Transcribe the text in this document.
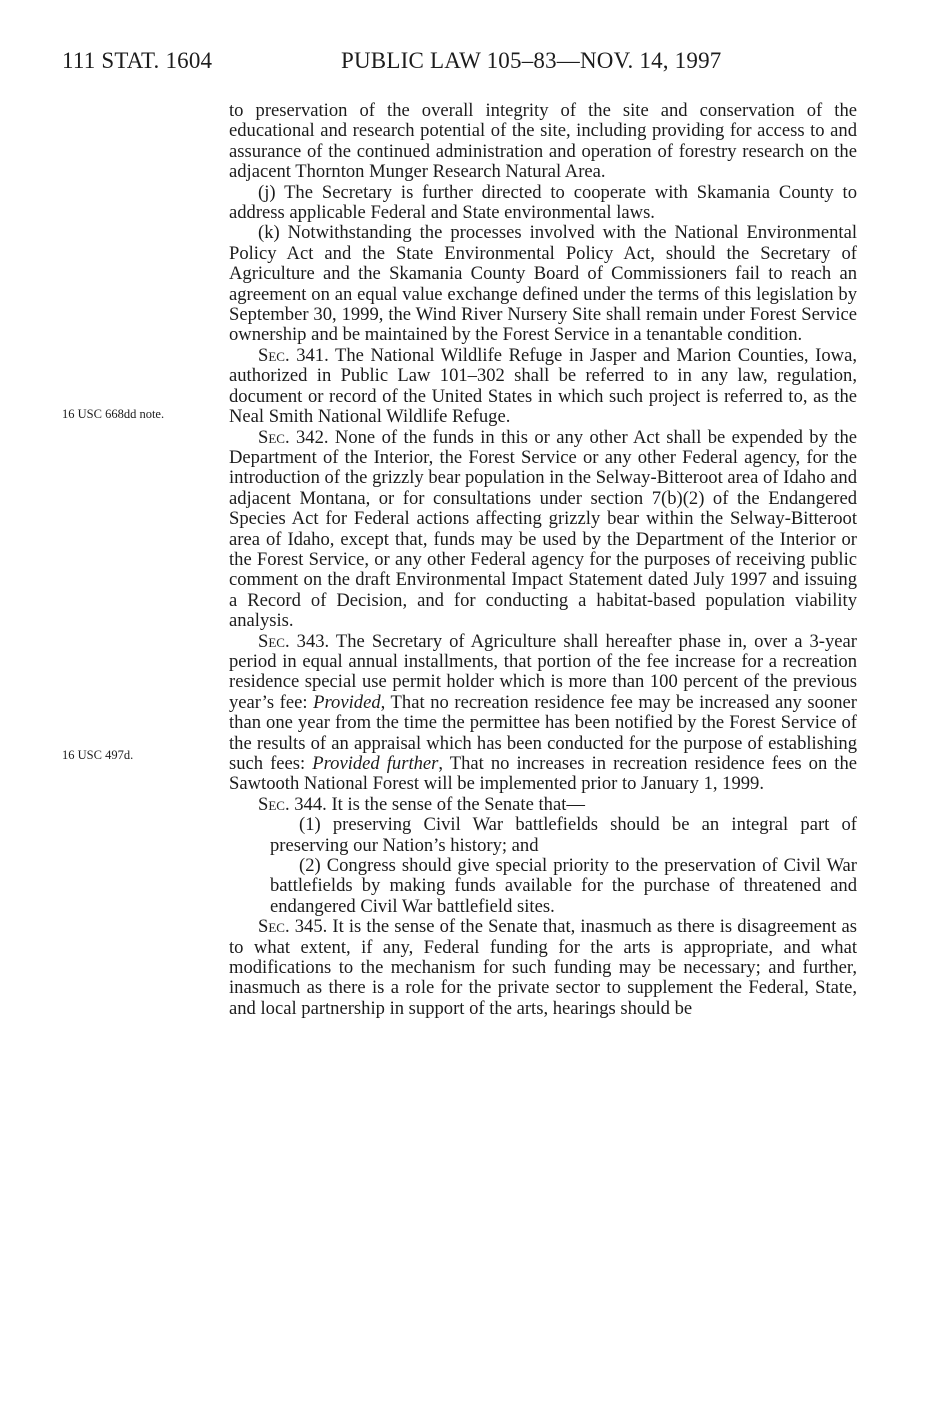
111 STAT. 1604	PUBLIC LAW 105–83—NOV. 14, 1997
16 USC 668dd note.
16 USC 497d.

to preservation of the overall integrity of the site and conservation of the educational and research potential of the site, including providing for access to and assurance of the continued administration and operation of forestry research on the adjacent Thornton Munger Research Natural Area.

(j) The Secretary is further directed to cooperate with Skamania County to address applicable Federal and State environmental laws.

(k) Notwithstanding the processes involved with the National Environmental Policy Act and the State Environmental Policy Act, should the Secretary of Agriculture and the Skamania County Board of Commissioners fail to reach an agreement on an equal value exchange defined under the terms of this legislation by September 30, 1999, the Wind River Nursery Site shall remain under Forest Service ownership and be maintained by the Forest Service in a tenantable condition.

Sec. 341. The National Wildlife Refuge in Jasper and Marion Counties, Iowa, authorized in Public Law 101–302 shall be referred to in any law, regulation, document or record of the United States in which such project is referred to, as the Neal Smith National Wildlife Refuge.

Sec. 342. None of the funds in this or any other Act shall be expended by the Department of the Interior, the Forest Service or any other Federal agency, for the introduction of the grizzly bear population in the Selway-Bitteroot area of Idaho and adjacent Montana, or for consultations under section 7(b)(2) of the Endangered Species Act for Federal actions affecting grizzly bear within the Selway-Bitteroot area of Idaho, except that, funds may be used by the Department of the Interior or the Forest Service, or any other Federal agency for the purposes of receiving public comment on the draft Environmental Impact Statement dated July 1997 and issuing a Record of Decision, and for conducting a habitat-based population viability analysis.

Sec. 343. The Secretary of Agriculture shall hereafter phase in, over a 3-year period in equal annual installments, that portion of the fee increase for a recreation residence special use permit holder which is more than 100 percent of the previous year’s fee: Provided, That no recreation residence fee may be increased any sooner than one year from the time the permittee has been notified by the Forest Service of the results of an appraisal which has been conducted for the purpose of establishing such fees: Provided further, That no increases in recreation residence fees on the Sawtooth National Forest will be implemented prior to January 1, 1999.

Sec. 344. It is the sense of the Senate that—

(1) preserving Civil War battlefields should be an integral part of preserving our Nation’s history; and

(2) Congress should give special priority to the preservation of Civil War battlefields by making funds available for the purchase of threatened and endangered Civil War battlefield sites.

Sec. 345. It is the sense of the Senate that, inasmuch as there is disagreement as to what extent, if any, Federal funding for the arts is appropriate, and what modifications to the mechanism for such funding may be necessary; and further, inasmuch as there is a role for the private sector to supplement the Federal, State, and local partnership in support of the arts, hearings should be
